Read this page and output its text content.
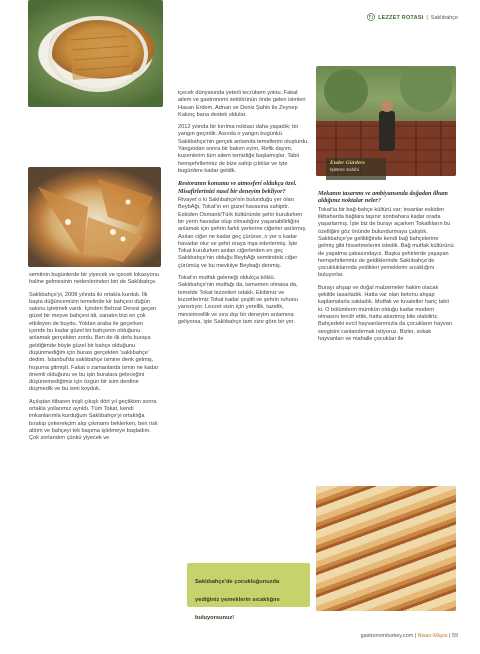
LEZZET ROTASI | Saklıbahçe
Ender Gürdere
İşletme Sahibi

semtinin bugünlerde bir yiyecek ve içecek lokasyonu haline gelmesinin nedenlerinden biri de Saklıbahçe.

Saklıbahçe'yi, 2008 yılında iki ortakla kurduk. İlk başta düğüncemizin temelinde kir bahçesi düğün salonu işletmek vardı. İçinden Behzat Deresi geçen güzel bir meyve bahçesi idi, sanatın bizi en çok etkileyen de buydu. Yoldan araba ile geçerken içeride bu kadar güzel bir bahçenin olduğunu anlamak gerçekten zordu. Ben de ilk defa buraya geldiğimde böyle güzel bir bahçe olduğunu düşünmediğim için burası gerçekten 'saklıbahçe' dedim. İstanbul'da saklıbahçe ismine denk gelmiş, hoşuma gitmişti. Fakat o zamanlarda ismin ne kadar önemli olduğunu ve bu işin buralara geleceğini düşünemediğimiz için özgün bir isim derdine düşmedik ve bu ismi koyduk.

Açılıştan itibaren inişli çıkışlı dört yıl geçtikten sonra ortakla yollarımız ayrıldı. Tüm Tokat, kendi imkanlarımla kurduğum Saklıbahçe'yi ortaklığa bırakıp çekerekçim alıp çıkmamı beklerken, ben risk aldım ve bahçeyi tek başıma işletmeye başladım. Çok zorlandım çünkü yiyecek ve

içecek dünyasında yeterli tecrübem yoktu. Fakat ailem ve gastronomi sektörünün önde gelen isimleri Hasan Erdem, Adnan ve Deniz Şahin ile Zeynep Kakınç bana destek oldular.

2012 yılında bir kırılma noktası daha yaşadık; bir yangın geçirdik. Asında o yangın bugünkü Saklıbahçe'nin gerçek anlamda temellerini oluşturdu. Yangından sonra bir bakım eyim, Refik dayım, kuzenlerim tüm ailem temizliğe başlamışlar. Tabii hemşehrilerimiz de bize sahip çıktılar ve işte bugünlere kadar geldik.

Restoranın konumu ve atmosferi oldukça özel. Misafirlerinizi nasıl bir deneyim bekliyor?

Rivayet o ki Saklıbahçe'nin bulunduğu yer olan BeybAğı, Tokat'ın en güzel havasına sahiptir. Eskiden Osmanlı/Türk kültüründe şehir kurulurken bir yerin havadar olup olmadığını yaşanabilirliğini anlamak için şehrin farklı yerlerine ciğerler asılırmış. Asılan ciğer ne kadar geç çürürse, o yer o kadar havadar olur ve şehri oraya inşa ederlermiş. İşte Tokat kurulurken asılan ciğerlerden en geç Saklıbahçe'nin olduğu BeybAğı semtindeki ciğer çürümüş ve bu mevkiiye Beybağı denmiş.

Tokat'ın mutfak geleneği oldukça köklü. Saklıbahçe'nin mutfağı da, tamamen olmasa da, temelde Tokat lezzetleri odaklı. Ekibimiz ve lezzetlerimiz Tokat kadar çeşitli ve şehrin ruhunu yansıtıyor. Lezzet sizin için yerellik, tazelik, mevsimsellik ve sıra dışı bir deneyim anlamına geliyorsa, işte Saklıbahçe tam size göre bir yer.

Saklıbahçe'de çocukluğunuzda yediğiniz yemeklerin sıcaklığını buluyorsunuz!
Mekanın tasarımı ve ambiyansında doğadan ilham aldığınız noktalar neler?

Tokat'ta bir bağ-bahçe kültürü var; insanlar eskiden ilkbaharda bağlara taşınır sonbahara kadar orada yaşarlarmış. İşte biz de burayı açarken Tokatlıların bu özelliğini göz önünde bulundurmaya çalıştık. Saklıbahçe'ye gelildiğinde kendi bağ bahçelerine gelmiş gibi hissetmelerini istedik. Bağ mutfak kültürünü de yaşatma çabasındayız. Başka şehirlerde yaşayan hemşehrilerimiz de geldiklerinde Saklıbahçe'de çocukluklarında yedikleri yemeklerin sıcaklığını buluyorlar.

Burayı ahşap ve doğal malzemeler hakim olacak şekilde tasarladık. Hatta var olan betonu ahşap kaplamalarla sakladık. Mutfak ve tuvaletler hariç tabii ki. O bölümlerin mümkün olduğu kadar modern olmasını tercih ettik, hatta abartmış bile olabiliriz. Bahçedeki evcil hayvanlarımızla da çocukların hayvan sevgisini canlandırmak istiyoruz. Bizler, sokak hayvanları ve mahalle çocukları ile

gastronomiturkey.com | Nisan-Mayıs | 59
